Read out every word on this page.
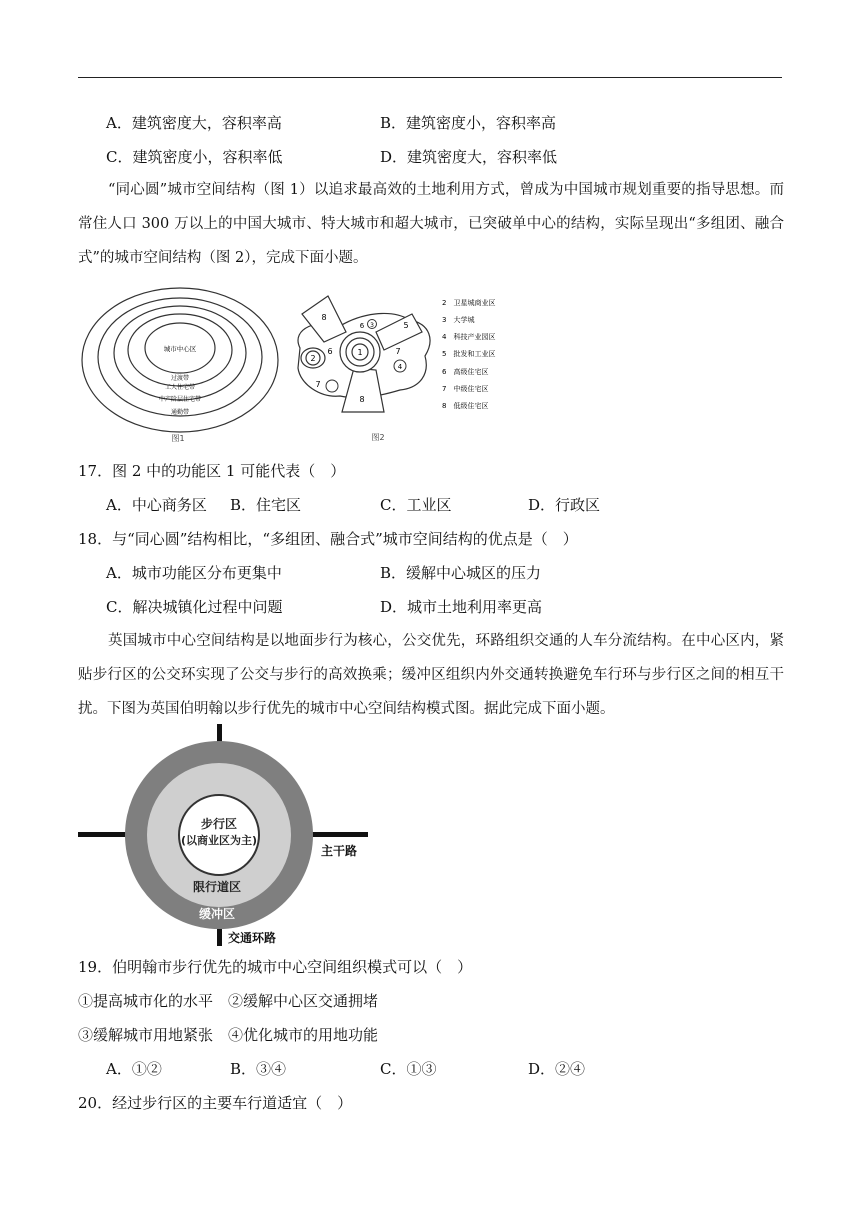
A．建筑密度大，容积率高	B．建筑密度小，容积率高
C．建筑密度小，容积率低	D．建筑密度大，容积率低
“同心圆”城市空间结构（图 1）以追求最高效的土地利用方式，曾成为中国城市规划重要的指导思想。而常住人口 300 万以上的中国大城市、特大城市和超大城市，已突破单中心的结构，实际呈现出“多组团、融合式”的城市空间结构（图 2），完成下面小题。
城市中心区
过渡带
工人住宅带
中产阶层住宅带
通勤带
图1
1
2
3
4
5
6
6	7
7
8
8
2　卫星城商业区
3　大学城
4　科技产业园区
5　批发和工业区
6　高级住宅区
7　中级住宅区
8　低级住宅区
图2
17．图 2 中的功能区 1 可能代表（　）
A．中心商务区 B．住宅区	C．工业区	D．行政区
18．与“同心圆”结构相比，“多组团、融合式”城市空间结构的优点是（　）
A．城市功能区分布更集中	B．缓解中心城区的压力
C．解决城镇化过程中问题	D．城市土地利用率更高
英国城市中心空间结构是以地面步行为核心，公交优先，环路组织交通的人车分流结构。在中心区内，紧贴步行区的公交环实现了公交与步行的高效换乘；缓冲区组织内外交通转换避免车行环与步行区之间的相互干扰。下图为英国伯明翰以步行优先的城市中心空间结构模式图。据此完成下面小题。
步行区
(以商业区为主)
限行道区
缓冲区
主干路
交通环路
19．伯明翰市步行优先的城市中心空间组织模式可以（　）
①提高城市化的水平　②缓解中心区交通拥堵
③缓解城市用地紧张　④优化城市的用地功能
A．①②	B．③④	C．①③	D．②④
20．经过步行区的主要车行道适宜（　）
